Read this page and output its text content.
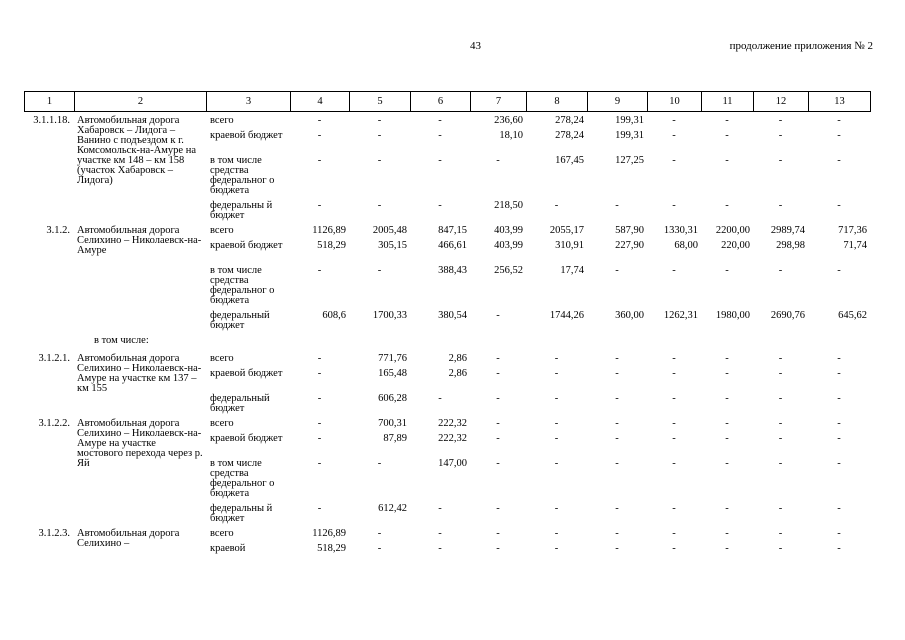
43	продолжение приложения № 2
1	2	3	4	5	6	7	8	9	10	11	12	13
3.1.1.18.	Автомобильная дорога Хабаровск – Лидога – Ванино с подъездом к г. Комсомольск-на-Амуре на участке км 148 – км 158 (участок Хабаровск – Лидога)	всего	-	-	-	236,60	278,24	199,31	-	-	-	-
		краевой бюджет	-	-	-	18,10	278,24	199,31	-	-	-	-
		в том числе средства федеральног о бюджета	-	-	-	-	167,45	127,25	-	-	-	-
		федеральны й бюджет	-	-	-	218,50	-	-	-	-	-	-
3.1.2.	Автомобильная дорога Селихино – Николаевск-на-Амуре	всего	1126,89	2005,48	847,15	403,99	2055,17	587,90	1330,31	2200,00	2989,74	717,36
		краевой бюджет	518,29	305,15	466,61	403,99	310,91	227,90	68,00	220,00	298,98	71,74
		в том числе средства федеральног о бюджета	-	-	388,43	256,52	17,74	-	-	-	-	-
		федеральный бюджет	608,6	1700,33	380,54	-	1744,26	360,00	1262,31	1980,00	2690,76	645,62
в том числе:												
3.1.2.1.	Автомобильная дорога Селихино – Николаевск-на-Амуре на участке км 137 – км 155	всего	-	771,76	2,86	-	-	-	-	-	-	-
		краевой бюджет	-	165,48	2,86	-	-	-	-	-	-	-
		федеральный бюджет	-	606,28	-	-	-	-	-	-	-	-
3.1.2.2.	Автомобильная дорога Селихино – Николаевск-на-Амуре на участке мостового перехода через р. Яй	всего	-	700,31	222,32	-	-	-	-	-	-	-
		краевой бюджет	-	87,89	222,32	-	-	-	-	-	-	-
		в том числе средства федеральног о бюджета	-	-	147,00	-	-	-	-	-	-	-
		федеральны й бюджет	-	612,42	-	-	-	-	-	-	-	-
3.1.2.3.	Автомобильная дорога Селихино –	всего	1126,89	-	-	-	-	-	-	-	-	-
		краевой	518,29	-	-	-	-	-	-	-	-	-
